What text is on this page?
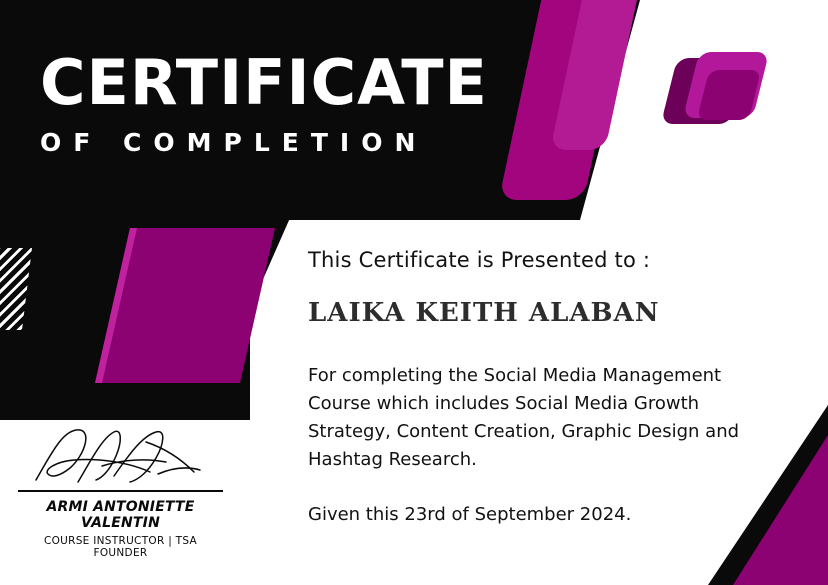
CERTIFICATE
OF COMPLETION	THE SOCIAL ARMI
This Certificate is Presented to :
LAIKA KEITH ALABAN
For completing the Social Media Management Course which includes Social Media Growth Strategy, Content Creation, Graphic Design and Hashtag Research.
Given this 23rd of September 2024.
ARMI ANTONIETTE VALENTIN
COURSE INSTRUCTOR | TSA FOUNDER
